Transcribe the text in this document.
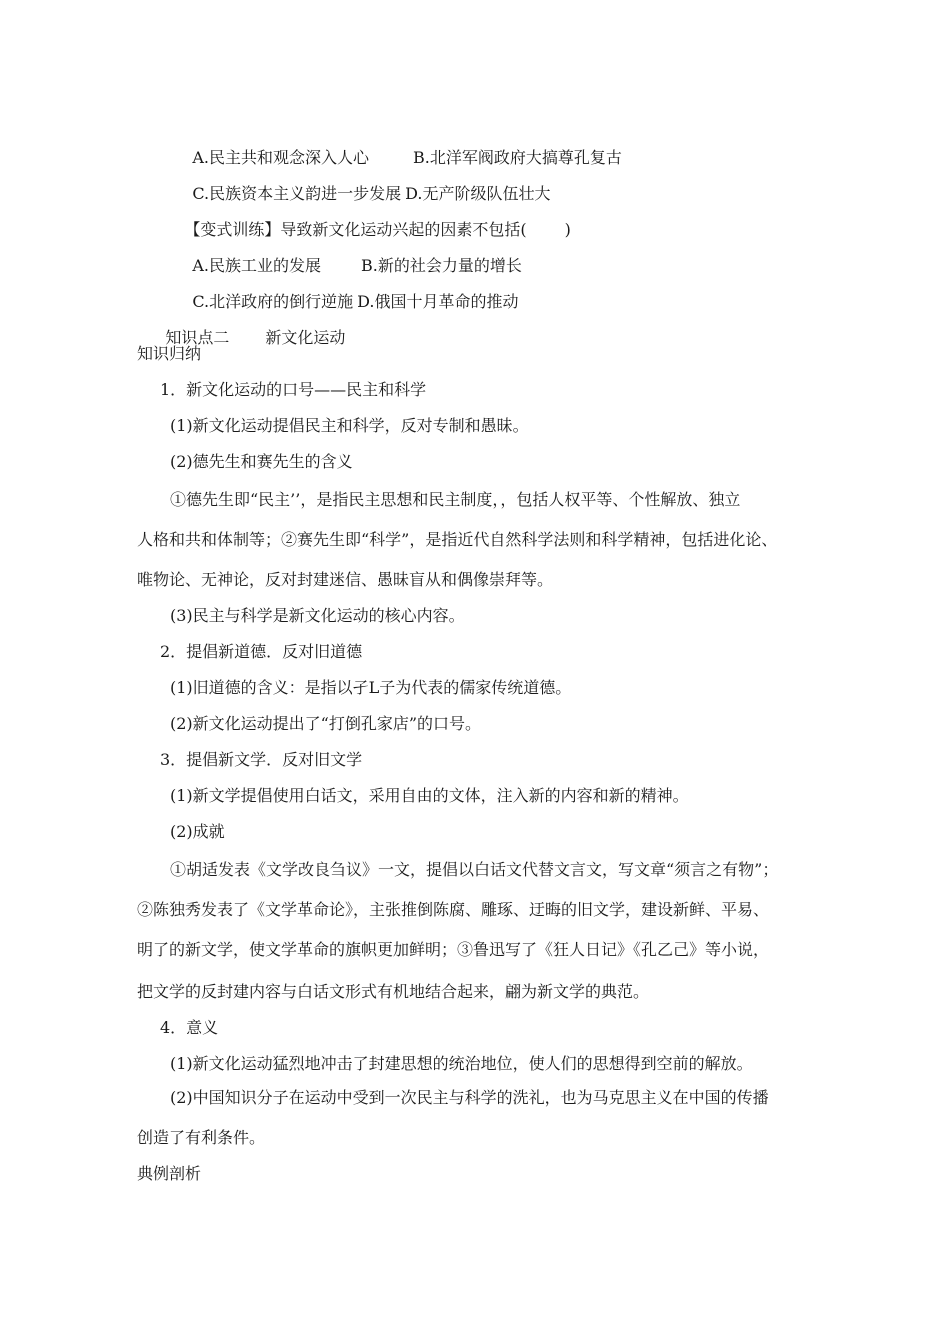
A.民主共和观念深入人心	B.北洋军阀政府大搞尊孔复古

C.民族资本主义韵进一步发展 D.无产阶级队伍壮大

【变式训练】导致新文化运动兴起的因素不包括( )

A.民族工业的发展	B.新的社会力量的增长

C.北洋政府的倒行逆施 D.俄国十月革命的推动

知识点二 新文化运动

知识归纳
1．新文化运动的口号——民主和科学
(1)新文化运动提倡民主和科学，反对专制和愚昧。
(2)德先生和赛先生的含义
①德先生即“民主’’，是指民主思想和民主制度，，包括人权平等、个性解放、独立
人格和共和体制等；②赛先生即“科学”，是指近代自然科学法则和科学精神，包括进化论、
唯物论、无神论，反对封建迷信、愚昧盲从和偶像崇拜等。
(3)民主与科学是新文化运动的核心内容。
2．提倡新道德．反对旧道德
(1)旧道德的含义：是指以孑L子为代表的儒家传统道德。
(2)新文化运动提出了“打倒孔家店”的口号。
3．提倡新文学．反对旧文学
(1)新文学提倡使用白话文，采用自由的文体，注入新的内容和新的精神。
(2)成就
①胡适发表《文学改良刍议》一文，提倡以白话文代替文言文，写文章“须言之有物”；
②陈独秀发表了《文学革命论》，主张推倒陈腐、雕琢、迂晦的旧文学，建设新鲜、平易、
明了的新文学，使文学革命的旗帜更加鲜明；③鲁迅写了《狂人日记》《孔乙己》等小说，
把文学的反封建内容与白话文形式有机地结合起来，翩为新文学的典范。
4．意义
(1)新文化运动猛烈地冲击了封建思想的统治地位，使人们的思想得到空前的解放。
(2)中国知识分子在运动中受到一次民主与科学的洗礼，也为马克思主义在中国的传播
创造了有利条件。
典例剖析
